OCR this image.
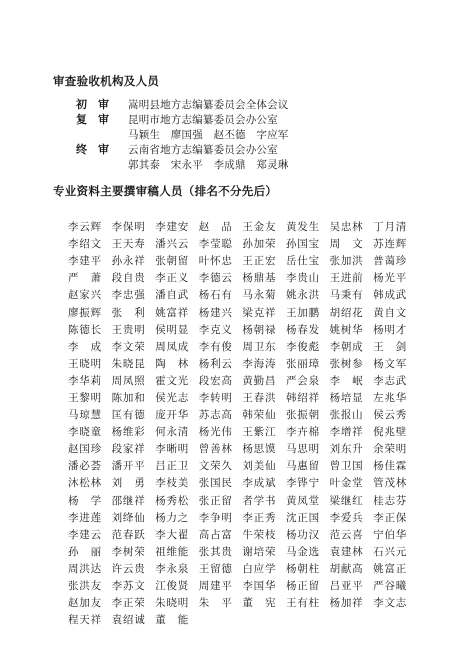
审查验收机构及人员
初　审 嵩明县地方志编纂委员会全体会议
复　审 昆明市地方志编纂委员会办公室
马颖生　廖国强　赵丕德　字应军
终　审 云南省地方志编纂委员会办公室
郭其泰　宋永平　李成鼎　郑灵琳
专业资料主要撰审稿人员（排名不分先后）
李云辉 李保明 李建安 赵　品 王金友 黄发生 吴忠林 丁月清
李绍文 王天寿 潘兴云 李莹聪 孙加荣 孙国宝 周　文 苏连辉
李建平 孙永祥 张朝留 叶怀忠 王正宏 岳仕宝 张加洪 普蔼珍
严　萧 段自贵 李正义 李德云 杨鼎基 李贵山 王进前 杨光平
赵家兴 李忠强 潘自武 杨石有 马永菊 姚永洪 马秉有 韩成武
廖振辉 张　利 姚富祥 杨建兴 梁克祥 王加鹏 胡绍花 黄自文
陈德长 王贵明 侯明显 李克义 杨朝禄 杨春发 姚树华 杨明才
李　成 李文荣 周凤成 李有俊 周卫东 李俊彪 李朝成 王　剑
王晓明 朱晓昆 陶　林 杨利云 李海涛 张丽璋 张树参 杨文军
李华莉 周凤照 霍文光 段宏高 黄勤昌 严会泉 李　岷 李志武
王黎明 陈加和 侯光志 李转明 王春洪 韩绍祥 杨培显 左兆华
马琼慧 匡有德 庞开华 苏志高 韩荣仙 张振朝 张报山 侯云秀
李晓童 杨维彩 何永清 杨光伟 王紫江 李卉棉 李增祥 倪兆壁
赵国珍 段家祥 李晰明 曾善林 杨思馍 马思明 刘东升 余荣明
潘必荟 潘开平 吕正卫 文荣久 刘美仙 马惠留 曾卫国 杨佳霖
沐松林 刘　勇 李枝美 张国民 李成斌 李铧宁 叶金堂 管茂林
杨　学 邵继祥 杨秀松 张正留 者学书 黄凤堂 梁继红 桂志芬
李进莲 刘绛仙 杨力之 李争明 李正秀 沈正国 李爱兵 李正保
李建云 范春跃 李大翟 高占富 牛荣枝 杨功汉 范云喜 宁伯华
孙　丽 李树荣 祖维能 张其贵 谢培荣 马金选 袁建林 石兴元
周洪达 许云贵 李永泉 王留德 白应学 杨朝柱 胡献高 姚富正
张洪友 李苏文 江俊贤 周建平 李国华 杨正留 吕亚平 严谷曦
赵加友 李正荣 朱晓明 朱　平 董　宪 王有柱 杨加祥 李文志
程天祥 袁绍诚 董　能
